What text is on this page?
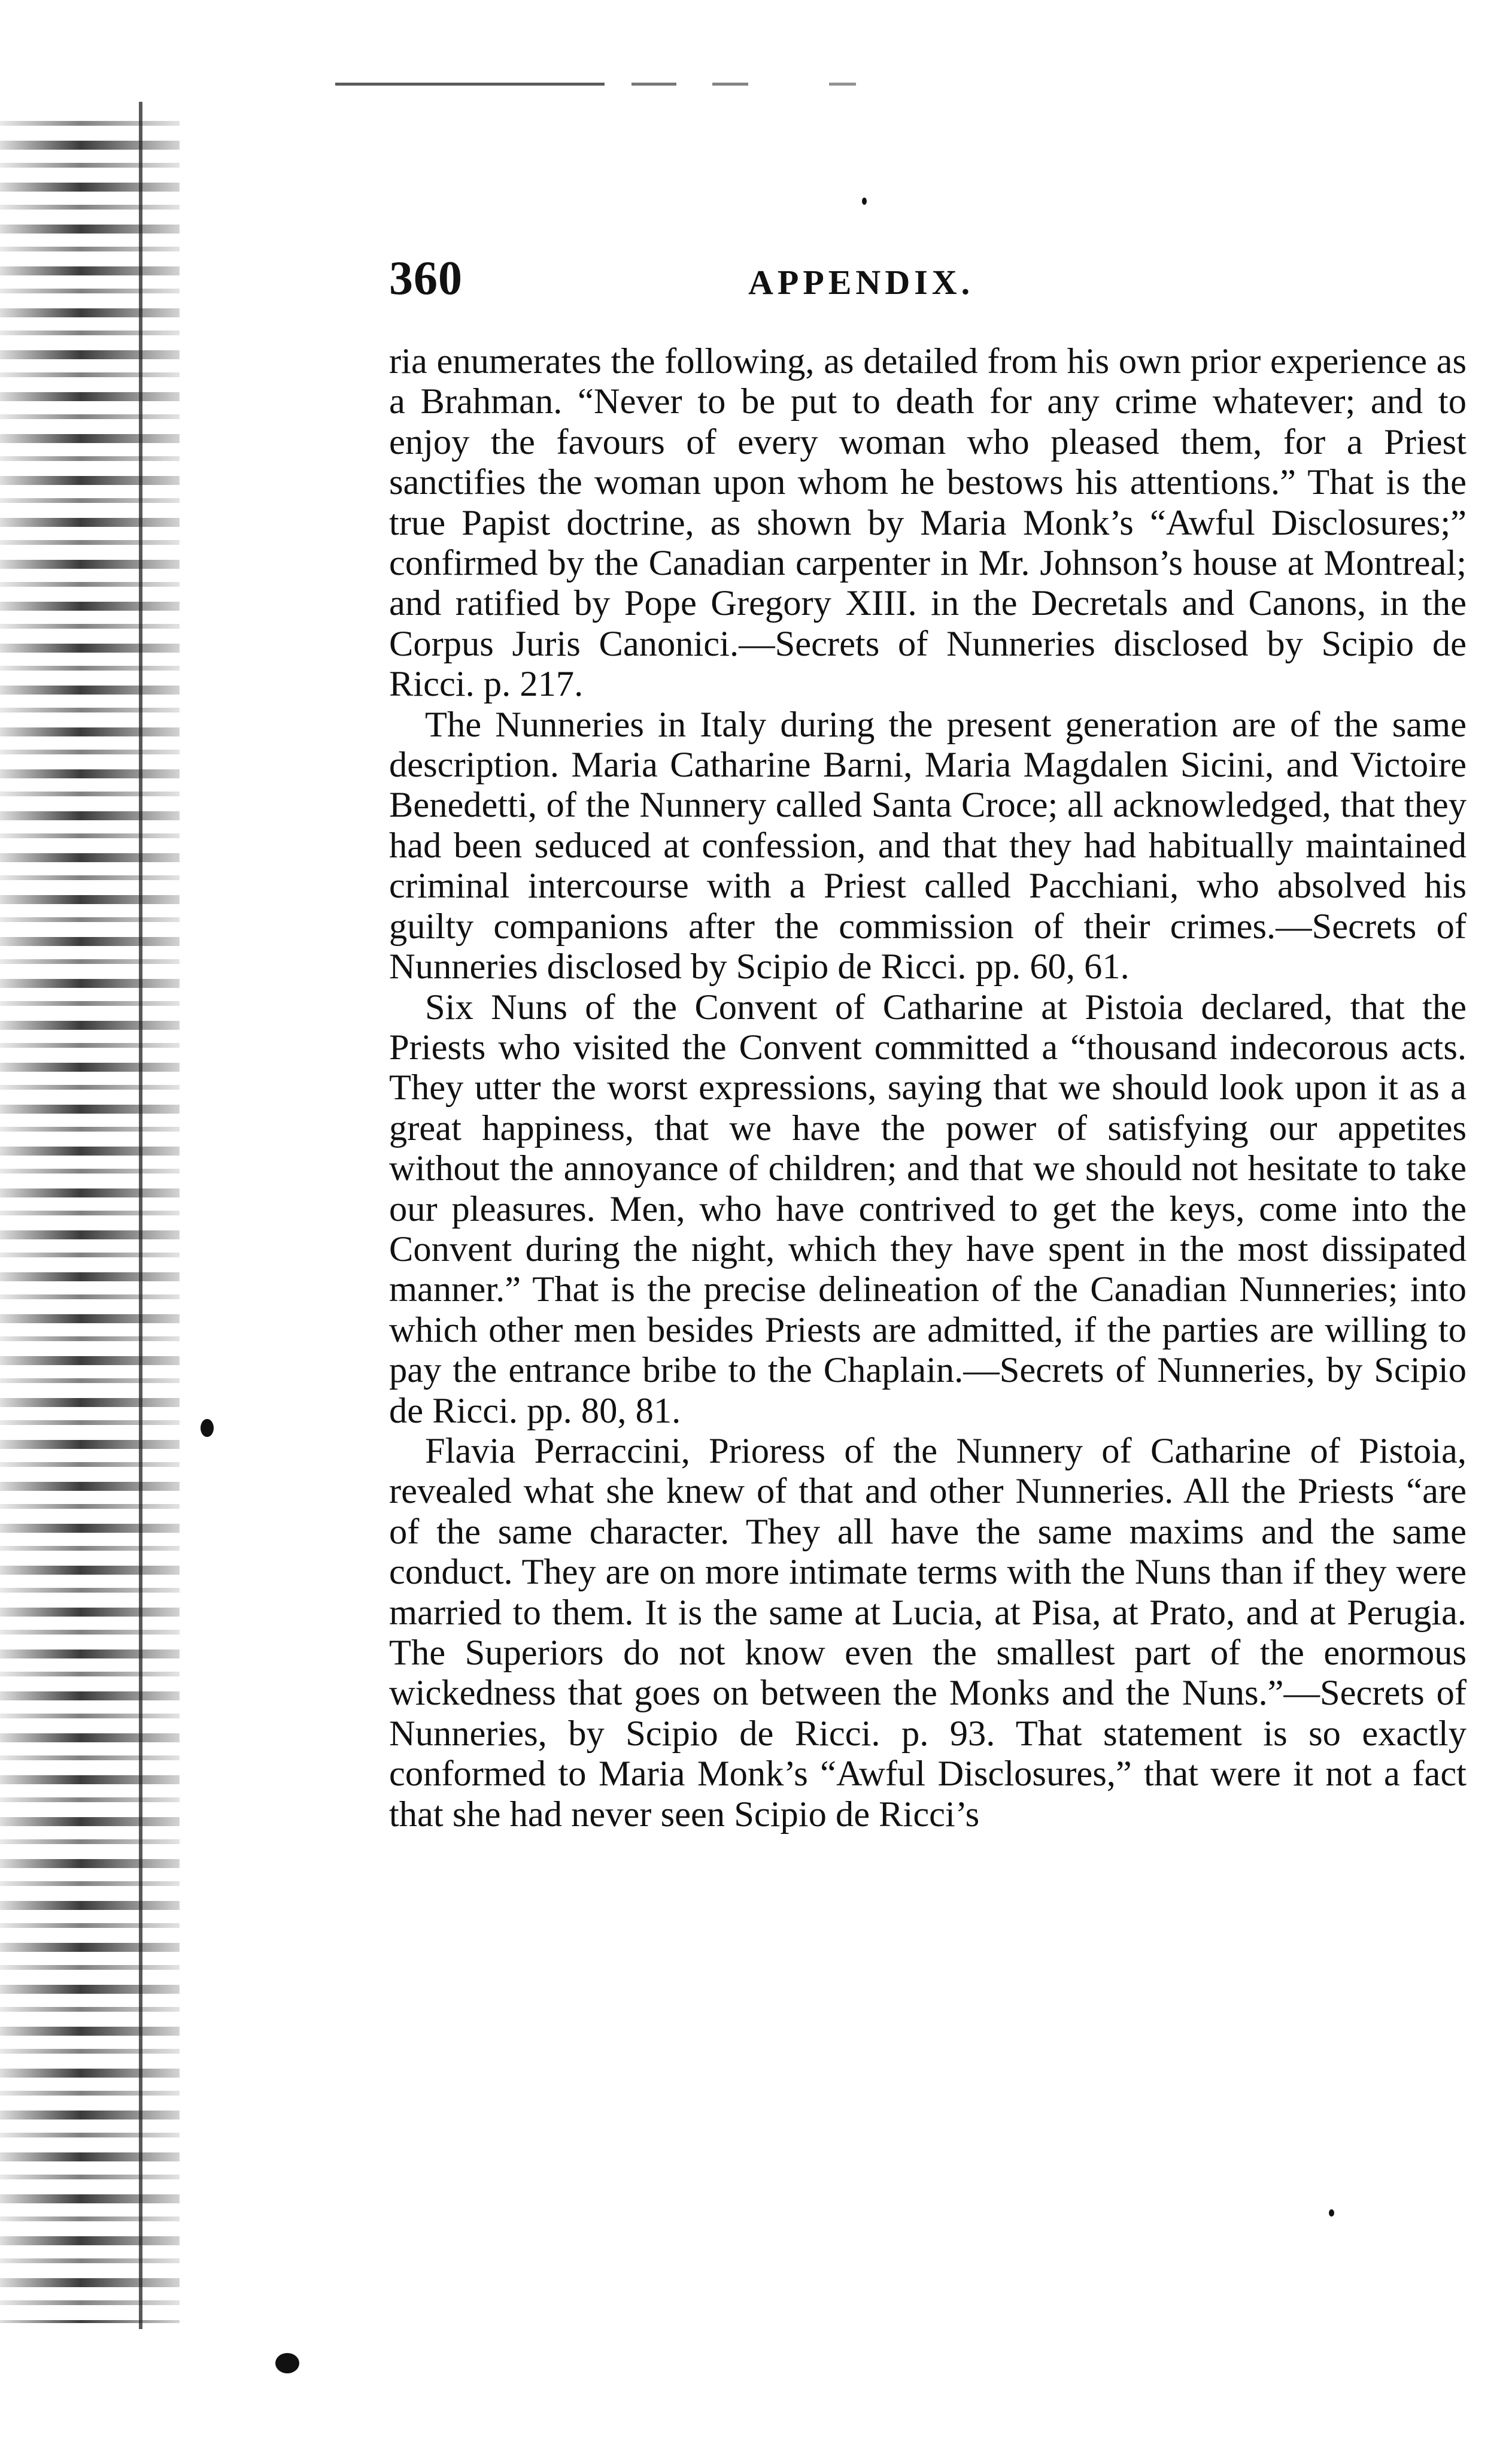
360	APPENDIX.

ria enumerates the following, as detailed from his own prior experience as a Brahman. “Never to be put to death for any crime whatever; and to enjoy the favours of every woman who pleased them, for a Priest sanctifies the woman upon whom he bestows his attentions.” That is the true Papist doctrine, as shown by Maria Monk’s “Awful Disclosures;” confirmed by the Canadian carpenter in Mr. Johnson’s house at Montreal; and ratified by Pope Gregory XIII. in the Decretals and Canons, in the Corpus Juris Canonici.—Secrets of Nunneries disclosed by Scipio de Ricci. p. 217.

The Nunneries in Italy during the present generation are of the same description. Maria Catharine Barni, Maria Magdalen Sicini, and Victoire Benedetti, of the Nunnery called Santa Croce; all acknowledged, that they had been seduced at confession, and that they had habitually maintained criminal intercourse with a Priest called Pacchiani, who absolved his guilty companions after the commission of their crimes.—Secrets of Nunneries disclosed by Scipio de Ricci. pp. 60, 61.

Six Nuns of the Convent of Catharine at Pistoia declared, that the Priests who visited the Convent committed a “thousand indecorous acts. They utter the worst expressions, saying that we should look upon it as a great happiness, that we have the power of satisfying our appetites without the annoyance of children; and that we should not hesitate to take our pleasures. Men, who have contrived to get the keys, come into the Convent during the night, which they have spent in the most dissipated manner.” That is the precise delineation of the Canadian Nunneries; into which other men besides Priests are admitted, if the parties are willing to pay the entrance bribe to the Chaplain.—Secrets of Nunneries, by Scipio de Ricci. pp. 80, 81.

Flavia Perraccini, Prioress of the Nunnery of Catharine of Pistoia, revealed what she knew of that and other Nunneries. All the Priests “are of the same character. They all have the same maxims and the same conduct. They are on more intimate terms with the Nuns than if they were married to them. It is the same at Lucia, at Pisa, at Prato, and at Perugia. The Superiors do not know even the smallest part of the enormous wickedness that goes on between the Monks and the Nuns.”—Secrets of Nunneries, by Scipio de Ricci. p. 93. That statement is so exactly conformed to Maria Monk’s “Awful Disclosures,” that were it not a fact that she had never seen Scipio de Ricci’s
